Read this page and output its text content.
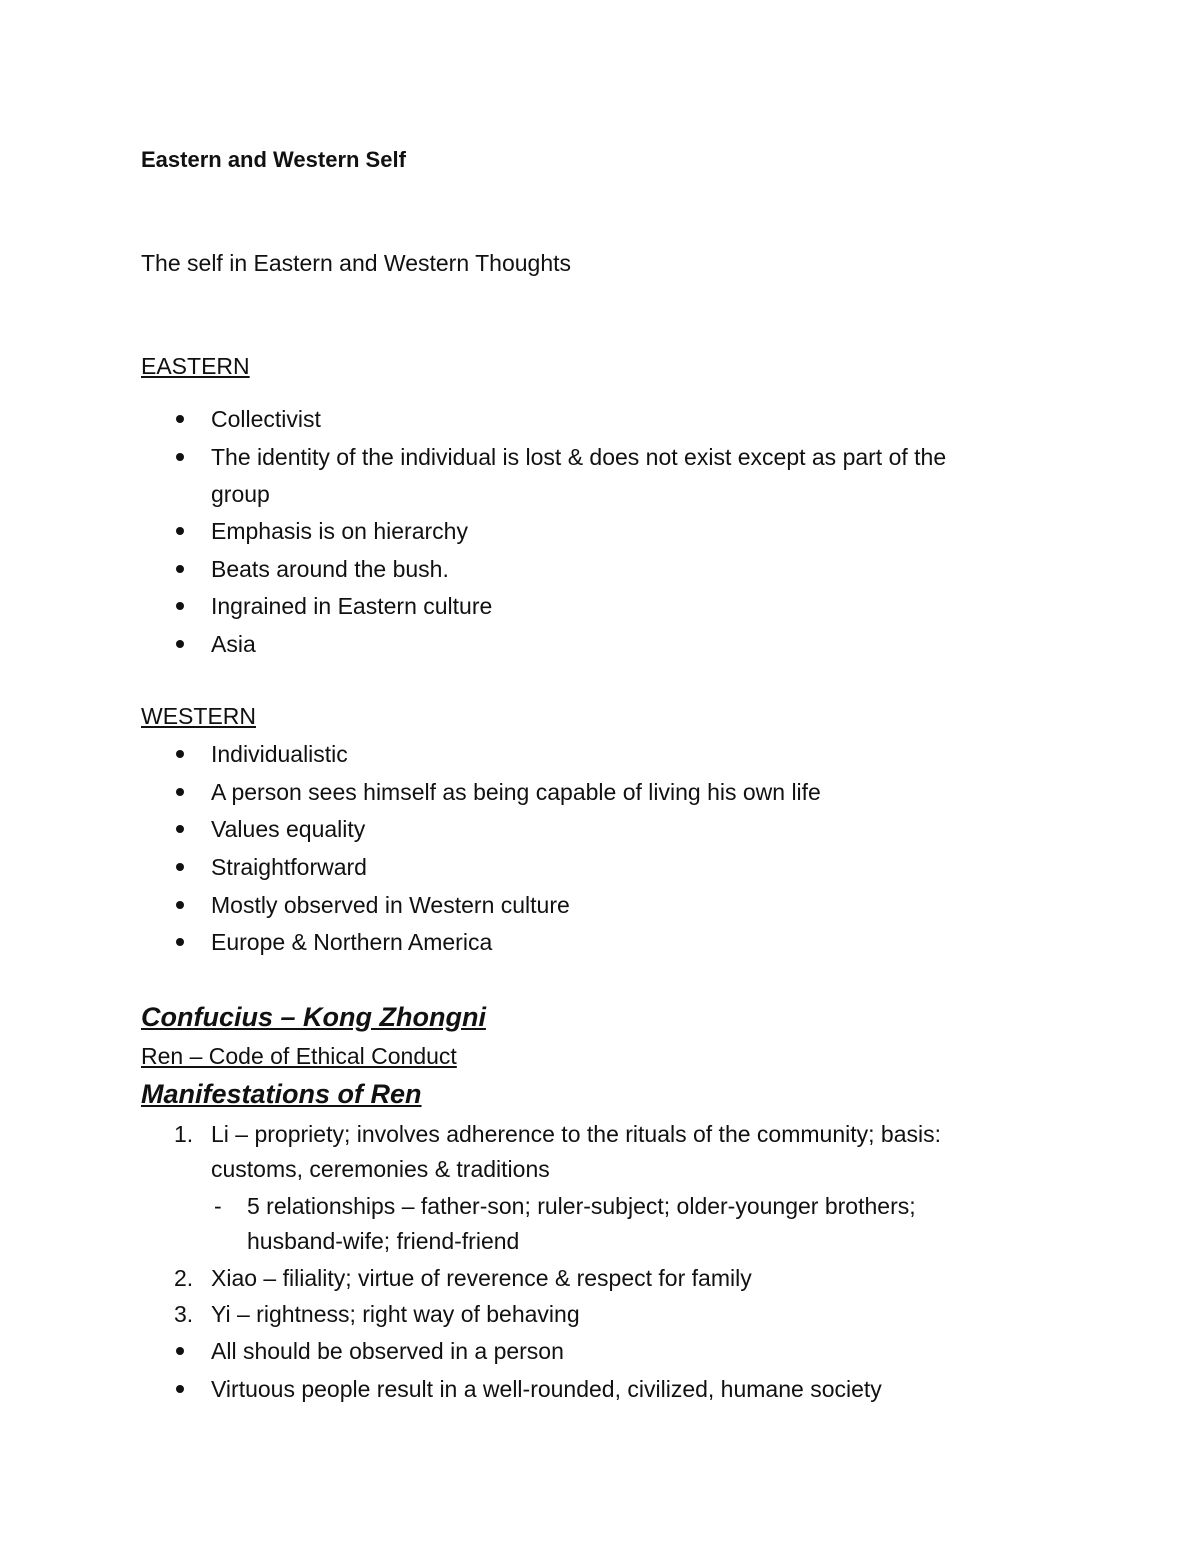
Eastern and Western Self
The self in Eastern and Western Thoughts
EASTERN
Collectivist
The identity of the individual is lost & does not exist except as part of the
group
Emphasis is on hierarchy
Beats around the bush.
Ingrained in Eastern culture
Asia
WESTERN
Individualistic
A person sees himself as being capable of living his own life
Values equality
Straightforward
Mostly observed in Western culture
Europe & Northern America
Confucius – Kong Zhongni
Ren – Code of Ethical Conduct
Manifestations of Ren
1. Li – propriety; involves adherence to the rituals of the community; basis:
customs, ceremonies & traditions
- 5 relationships – father-son; ruler-subject; older-younger brothers;
husband-wife; friend-friend
2. Xiao – filiality; virtue of reverence & respect for family
3. Yi – rightness; right way of behaving
All should be observed in a person
Virtuous people result in a well-rounded, civilized, humane society
